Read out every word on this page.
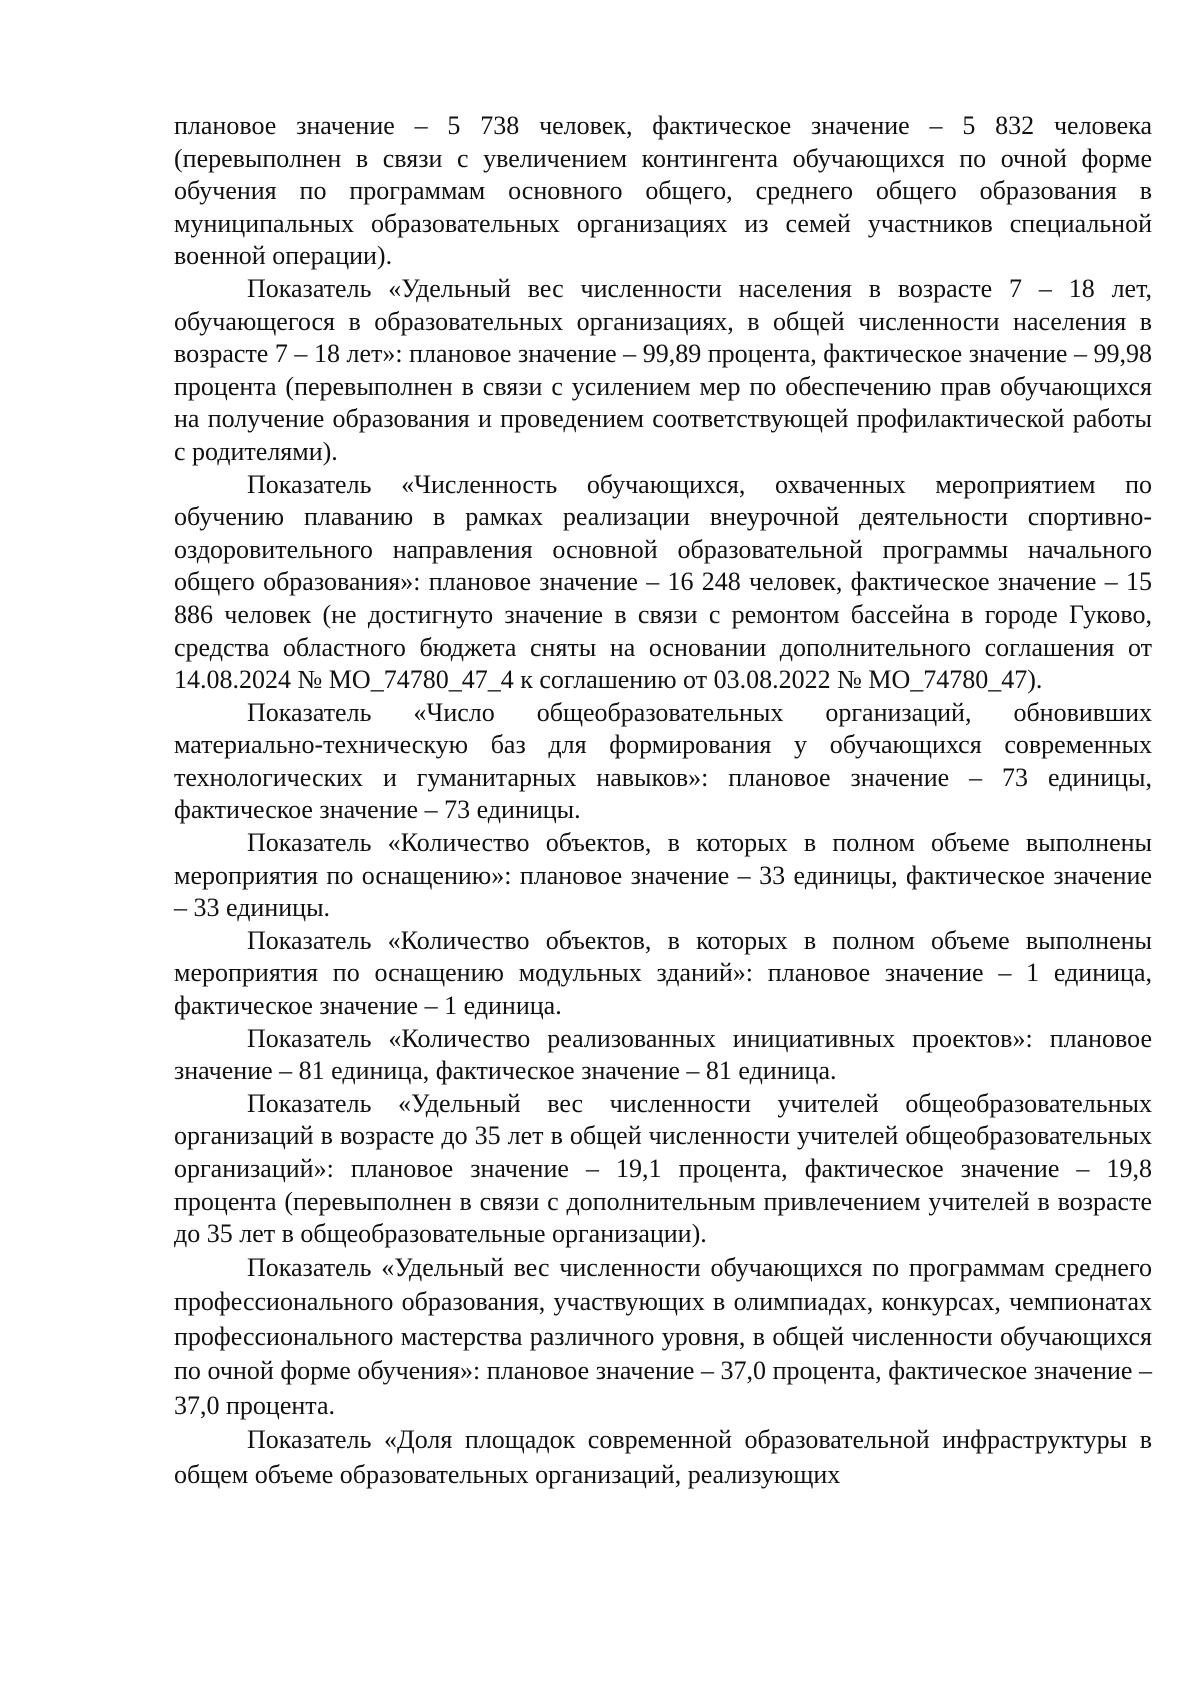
плановое значение – 5 738 человек, фактическое значение – 5 832 человека (перевыполнен в связи с увеличением контингента обучающихся по очной форме обучения по программам основного общего, среднего общего образования в муниципальных образовательных организациях из семей участников специальной военной операции).

Показатель «Удельный вес численности населения в возрасте 7 – 18 лет, обучающегося в образовательных организациях, в общей численности населения в возрасте 7 – 18 лет»: плановое значение – 99,89 процента, фактическое значение – 99,98 процента (перевыполнен в связи с усилением мер по обеспечению прав обучающихся на получение образования и проведением соответствующей профилактической работы с родителями).

Показатель «Численность обучающихся, охваченных мероприятием по обучению плаванию в рамках реализации внеурочной деятельности спортивно-оздоровительного направления основной образовательной программы начального общего образования»: плановое значение – 16 248 человек, фактическое значение – 15 886 человек (не достигнуто значение в связи с ремонтом бассейна в городе Гуково, средства областного бюджета сняты на основании дополнительного соглашения от 14.08.2024 № МО_74780_47_4 к соглашению от 03.08.2022 № МО_74780_47).

Показатель «Число общеобразовательных организаций, обновивших материально-техническую баз для формирования у обучающихся современных технологических и гуманитарных навыков»: плановое значение – 73 единицы, фактическое значение – 73 единицы.

Показатель «Количество объектов, в которых в полном объеме выполнены мероприятия по оснащению»: плановое значение – 33 единицы, фактическое значение – 33 единицы.

Показатель «Количество объектов, в которых в полном объеме выполнены мероприятия по оснащению модульных зданий»: плановое значение – 1 единица, фактическое значение – 1 единица.

Показатель «Количество реализованных инициативных проектов»: плановое значение – 81 единица, фактическое значение – 81 единица.

Показатель «Удельный вес численности учителей общеобразовательных организаций в возрасте до 35 лет в общей численности учителей общеобразовательных организаций»: плановое значение – 19,1 процента, фактическое значение – 19,8 процента (перевыполнен в связи с дополнительным привлечением учителей в возрасте до 35 лет в общеобразовательные организации).

Показатель «Удельный вес численности обучающихся по программам среднего профессионального образования, участвующих в олимпиадах, конкурсах, чемпионатах профессионального мастерства различного уровня, в общей численности обучающихся по очной форме обучения»: плановое значение – 37,0 процента, фактическое значение – 37,0 процента.

Показатель «Доля площадок современной образовательной инфраструктуры в общем объеме образовательных организаций, реализующих
